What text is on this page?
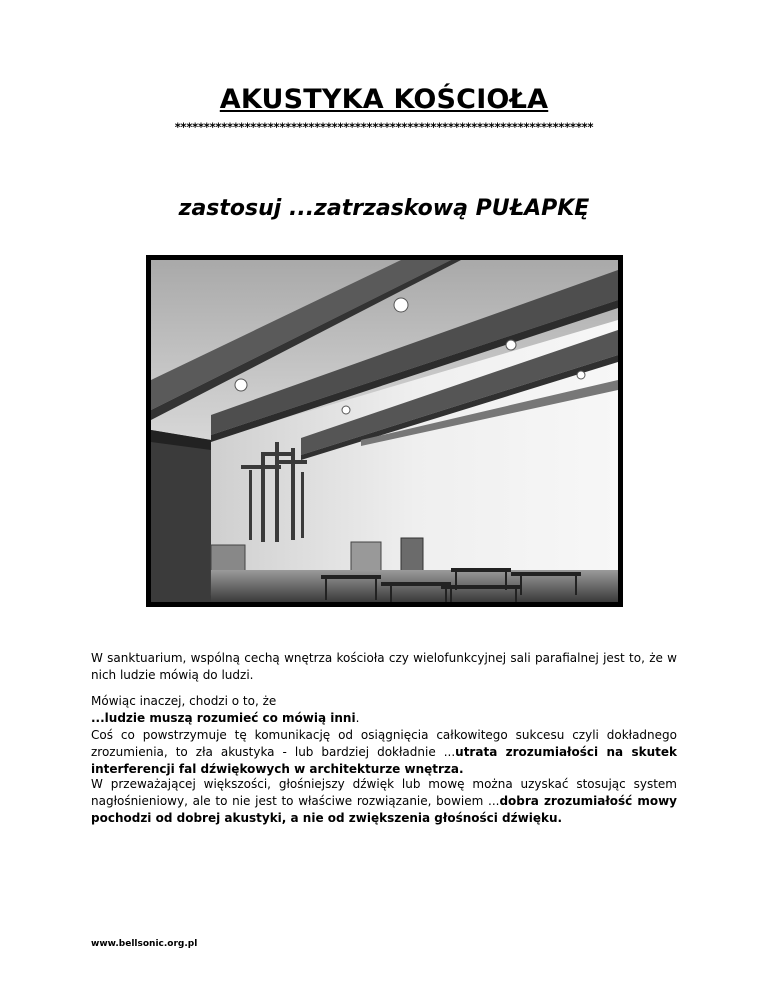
AKUSTYKA KOŚCIOŁA
************************************************************************
zastosuj ...zatrzaskową PUŁAPKĘ
W sanktuarium, wspólną cechą wnętrza kościoła czy wielofunkcyjnej sali parafialnej jest to, że w nich ludzie mówią do ludzi.
Mówiąc inaczej, chodzi o to, że
...ludzie muszą rozumieć co mówią inni.
Coś co powstrzymuje tę komunikację od osiągnięcia całkowitego sukcesu czyli dokładnego zrozumienia, to zła akustyka - lub bardziej dokładnie ...utrata zrozumiałości na skutek interferencji fal dźwiękowych w architekturze wnętrza.
W przeważającej większości, głośniejszy dźwięk lub mowę można uzyskać stosując system nagłośnieniowy, ale to nie jest to właściwe rozwiązanie, bowiem ...dobra zrozumiałość mowy pochodzi od dobrej akustyki, a nie od zwiększenia głośności dźwięku.
www.bellsonic.org.pl
